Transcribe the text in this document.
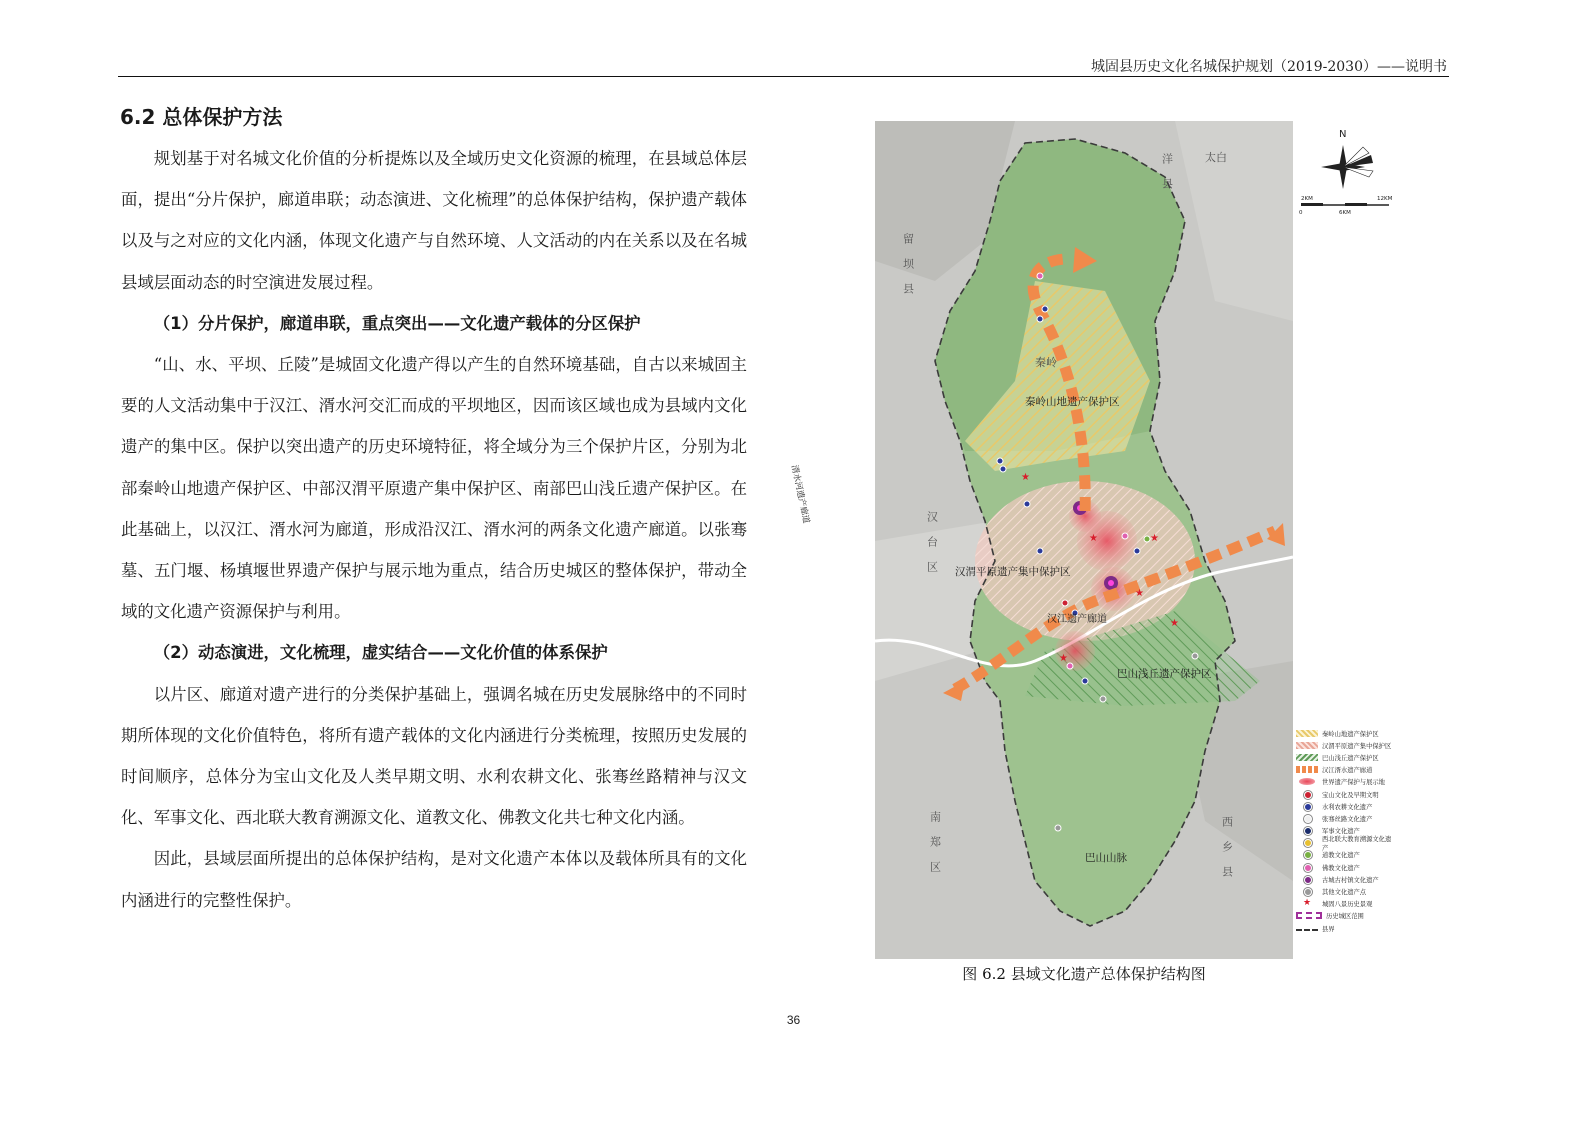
城固县历史文化名城保护规划（2019-2030）——说明书
6.2 总体保护方法

规划基于对名城文化价值的分析提炼以及全域历史文化资源的梳理，在县域总体层面，提出“分片保护，廊道串联；动态演进、文化梳理”的总体保护结构，保护遗产载体以及与之对应的文化内涵，体现文化遗产与自然环境、人文活动的内在关系以及在名城县域层面动态的时空演进发展过程。

（1）分片保护，廊道串联，重点突出——文化遗产载体的分区保护

“山、水、平坝、丘陵”是城固文化遗产得以产生的自然环境基础，自古以来城固主要的人文活动集中于汉江、湑水河交汇而成的平坝地区，因而该区域也成为县域内文化遗产的集中区。保护以突出遗产的历史环境特征，将全域分为三个保护片区，分别为北部秦岭山地遗产保护区、中部汉渭平原遗产集中保护区、南部巴山浅丘遗产保护区。在此基础上，以汉江、湑水河为廊道，形成沿汉江、湑水河的两条文化遗产廊道。以张骞墓、五门堰、杨填堰世界遗产保护与展示地为重点，结合历史城区的整体保护，带动全域的文化遗产资源保护与利用。

（2）动态演进，文化梳理，虚实结合——文化价值的体系保护

以片区、廊道对遗产进行的分类保护基础上，强调名城在历史发展脉络中的不同时期所体现的文化价值特色，将所有遗产载体的文化内涵进行分类梳理，按照历史发展的时间顺序，总体分为宝山文化及人类早期文明、水利农耕文化、张骞丝路精神与汉文化、军事文化、西北联大教育溯源文化、道教文化、佛教文化共七种文化内涵。

因此，县域层面所提出的总体保护结构，是对文化遗产本体以及载体所具有的文化内涵进行的完整性保护。

★
★	★
★
★
★
秦岭山地遗产保护区
汉渭平原遗产集中保护区
巴山浅丘遗产保护区
汉江遗产廊道
巴山山脉
湑水河遗产廊道
秦岭
太白
留坝县
汉台区
南郑区	西乡县
洋县
N
2KM	12KM
0	6KM
秦岭山地遗产保护区
汉渭平原遗产集中保护区
巴山浅丘遗产保护区
汉江湑水遗产廊道
世界遗产保护与展示地
宝山文化及早期文明
水利农耕文化遗产
张骞丝路文化遗产
军事文化遗产
西北联大教育溯源文化遗产
道教文化遗产
佛教文化遗产
古城古村镇文化遗产
其他文化遗产点
★	城固八景历史景观
历史城区范围
县界
图 6.2 县域文化遗产总体保护结构图
36
